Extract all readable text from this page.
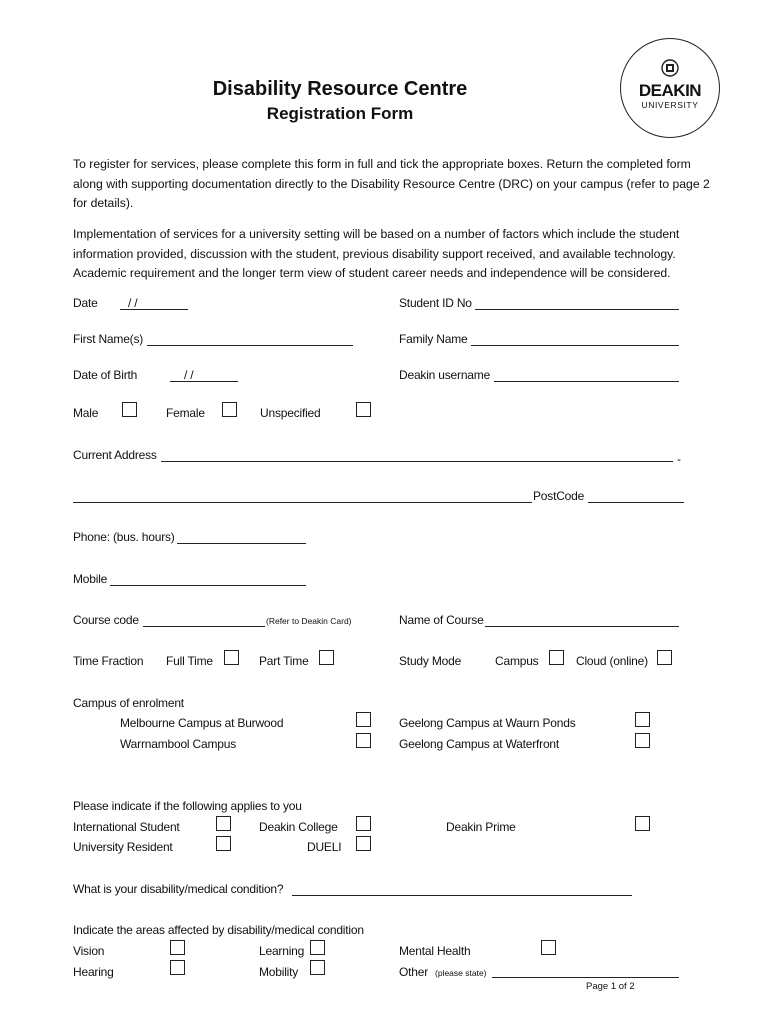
Disability Resource Centre
Registration Form
DEAKIN
UNIVERSITY
To register for services, please complete this form in full and tick the appropriate boxes. Return the completed form along with supporting documentation directly to the Disability Resource Centre (DRC) on your campus (refer to page 2 for details).
Implementation of services for a university setting will be based on a number of factors which include the student information provided, discussion with the student, previous disability support received, and available technology. Academic requirement and the longer term view of student career needs and independence will be considered.
Date	/ /	Student ID No
First Name(s)	Family Name
Date of Birth	/ /	Deakin username
Male	Female	Unspecified
Current Address	-
PostCode
Phone: (bus. hours)
Mobile
Course code	(Refer to Deakin Card)	Name of Course
Time Fraction Full Time	Part Time	Study Mode	Campus	Cloud (online)
Campus of enrolment
Melbourne Campus at Burwood	Geelong Campus at Waurn Ponds
Warrnambool Campus	Geelong Campus at Waterfront
Please indicate if the following applies to you
International Student	Deakin College	Deakin Prime
University Resident	DUELI
What is your disability/medical condition?
Indicate the areas affected by disability/medical condition
Vision	Learning	Mental Health
Hearing	Mobility	Other (please state)
Page 1 of 2
